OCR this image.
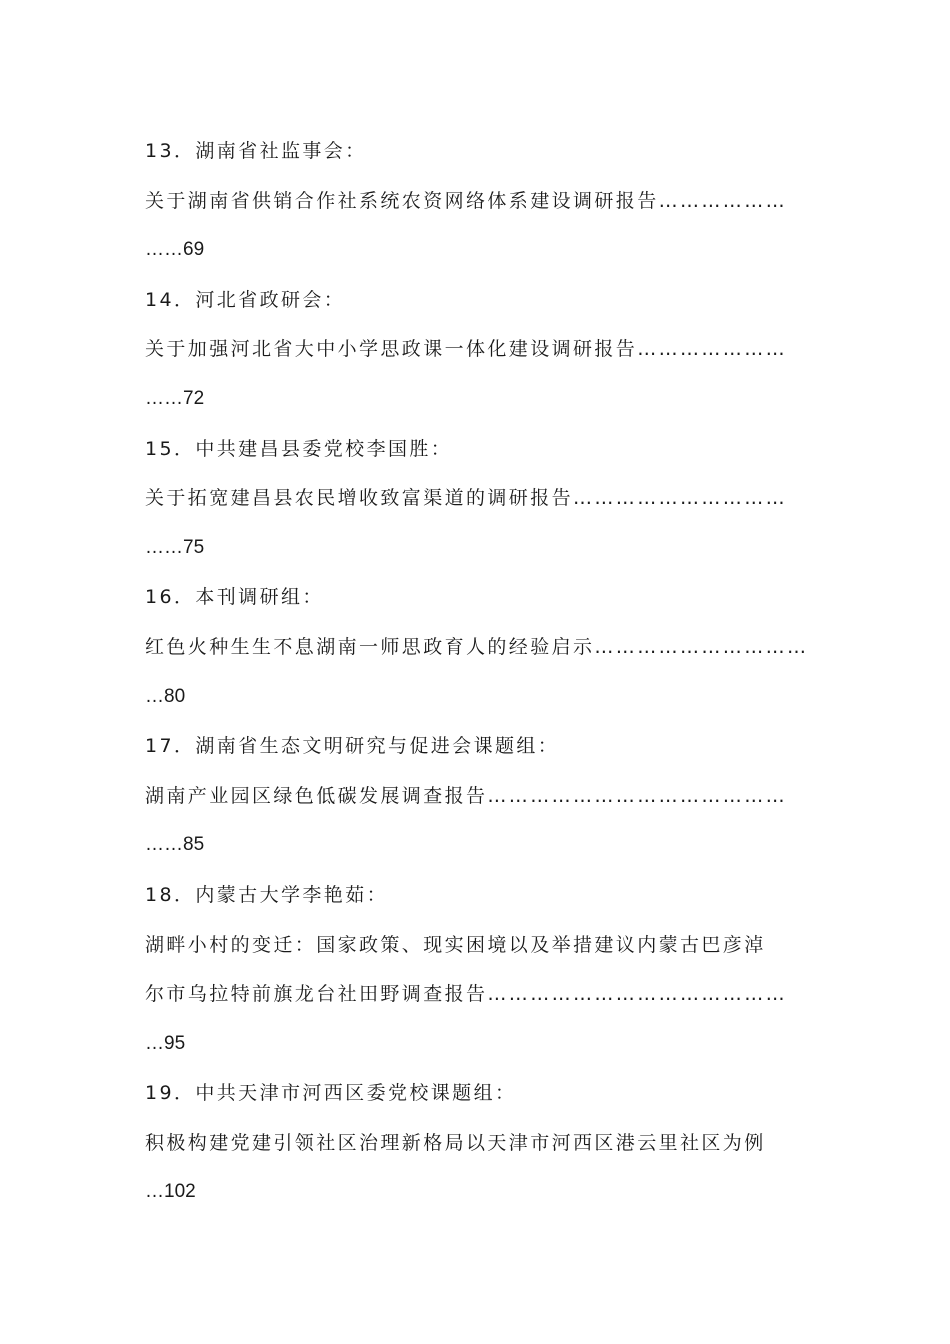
13．湖南省社监事会：
关于湖南省供销合作社系统农资网络体系建设调研报告………………
……69
14．河北省政研会：
关于加强河北省大中小学思政课一体化建设调研报告…………………
……72
15．中共建昌县委党校李国胜：
关于拓宽建昌县农民增收致富渠道的调研报告…………………………
……75
16．本刊调研组：
红色火种生生不息湖南一师思政育人的经验启示…………………………
…80
17．湖南省生态文明研究与促进会课题组：
湖南产业园区绿色低碳发展调查报告……………………………………
……85
18．内蒙古大学李艳茹：
湖畔小村的变迁：国家政策、现实困境以及举措建议内蒙古巴彦淖
尔市乌拉特前旗龙台社田野调查报告……………………………………
…95
19．中共天津市河西区委党校课题组：
积极构建党建引领社区治理新格局以天津市河西区港云里社区为例
…102
